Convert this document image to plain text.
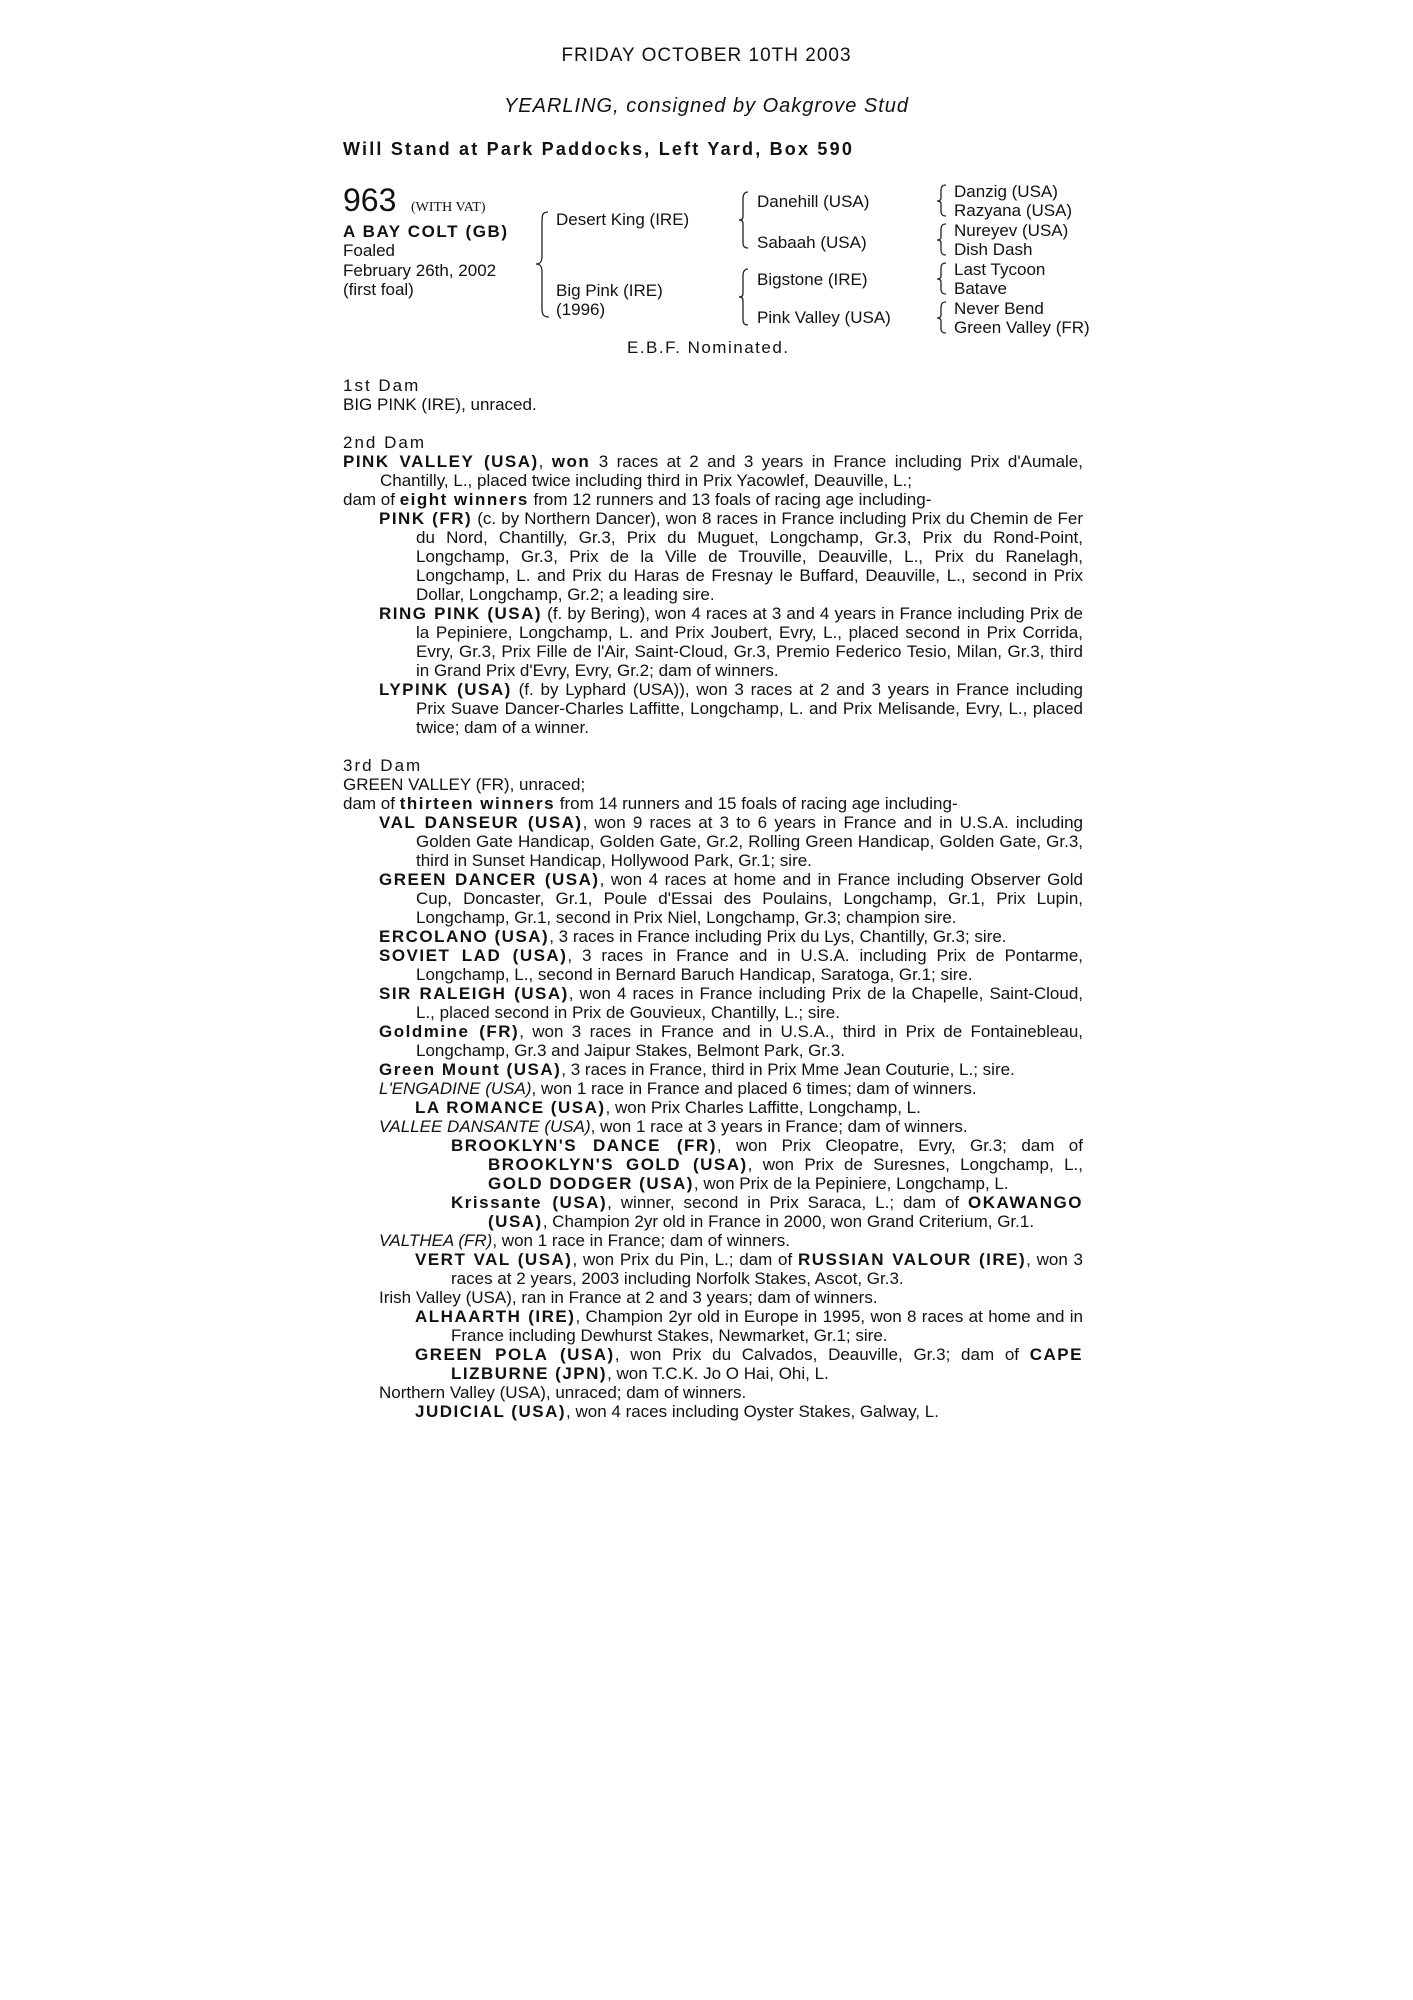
FRIDAY OCTOBER 10TH 2003
YEARLING, consigned by Oakgrove Stud
Will Stand at Park Paddocks, Left Yard, Box 590
963 (WITH VAT)
A BAY COLT (GB)
Foaled
February 26th, 2002
(first foal)
Desert King (IRE)
Big Pink (IRE)
(1996)
Danehill (USA)
Sabaah (USA)
Bigstone (IRE)
Pink Valley (USA)
Danzig (USA)
Razyana (USA)
Nureyev (USA)
Dish Dash
Last Tycoon
Batave
Never Bend
Green Valley (FR)
E.B.F. Nominated.
1st Dam

BIG PINK (IRE), unraced.

2nd Dam

PINK VALLEY (USA), won 3 races at 2 and 3 years in France including Prix d'Aumale, Chantilly, L., placed twice including third in Prix Yacowlef, Deauville, L.;

dam of eight winners from 12 runners and 13 foals of racing age including-

PINK (FR) (c. by Northern Dancer), won 8 races in France including Prix du Chemin de Fer du Nord, Chantilly, Gr.3, Prix du Muguet, Longchamp, Gr.3, Prix du Rond-Point, Longchamp, Gr.3, Prix de la Ville de Trouville, Deauville, L., Prix du Ranelagh, Longchamp, L. and Prix du Haras de Fresnay le Buffard, Deauville, L., second in Prix Dollar, Longchamp, Gr.2; a leading sire.

RING PINK (USA) (f. by Bering), won 4 races at 3 and 4 years in France including Prix de la Pepiniere, Longchamp, L. and Prix Joubert, Evry, L., placed second in Prix Corrida, Evry, Gr.3, Prix Fille de l'Air, Saint-Cloud, Gr.3, Premio Federico Tesio, Milan, Gr.3, third in Grand Prix d'Evry, Evry, Gr.2; dam of winners.

LYPINK (USA) (f. by Lyphard (USA)), won 3 races at 2 and 3 years in France including Prix Suave Dancer-Charles Laffitte, Longchamp, L. and Prix Melisande, Evry, L., placed twice; dam of a winner.

3rd Dam

GREEN VALLEY (FR), unraced;

dam of thirteen winners from 14 runners and 15 foals of racing age including-

VAL DANSEUR (USA), won 9 races at 3 to 6 years in France and in U.S.A. including Golden Gate Handicap, Golden Gate, Gr.2, Rolling Green Handicap, Golden Gate, Gr.3, third in Sunset Handicap, Hollywood Park, Gr.1; sire.

GREEN DANCER (USA), won 4 races at home and in France including Observer Gold Cup, Doncaster, Gr.1, Poule d'Essai des Poulains, Longchamp, Gr.1, Prix Lupin, Longchamp, Gr.1, second in Prix Niel, Longchamp, Gr.3; champion sire.

ERCOLANO (USA), 3 races in France including Prix du Lys, Chantilly, Gr.3; sire.

SOVIET LAD (USA), 3 races in France and in U.S.A. including Prix de Pontarme, Longchamp, L., second in Bernard Baruch Handicap, Saratoga, Gr.1; sire.

SIR RALEIGH (USA), won 4 races in France including Prix de la Chapelle, Saint-Cloud, L., placed second in Prix de Gouvieux, Chantilly, L.; sire.

Goldmine (FR), won 3 races in France and in U.S.A., third in Prix de Fontainebleau, Longchamp, Gr.3 and Jaipur Stakes, Belmont Park, Gr.3.

Green Mount (USA), 3 races in France, third in Prix Mme Jean Couturie, L.; sire.

L'ENGADINE (USA), won 1 race in France and placed 6 times; dam of winners.

LA ROMANCE (USA), won Prix Charles Laffitte, Longchamp, L.

VALLEE DANSANTE (USA), won 1 race at 3 years in France; dam of winners.

BROOKLYN'S DANCE (FR), won Prix Cleopatre, Evry, Gr.3; dam of BROOKLYN'S GOLD (USA), won Prix de Suresnes, Longchamp, L., GOLD DODGER (USA), won Prix de la Pepiniere, Longchamp, L.

Krissante (USA), winner, second in Prix Saraca, L.; dam of OKAWANGO (USA), Champion 2yr old in France in 2000, won Grand Criterium, Gr.1.

VALTHEA (FR), won 1 race in France; dam of winners.

VERT VAL (USA), won Prix du Pin, L.; dam of RUSSIAN VALOUR (IRE), won 3 races at 2 years, 2003 including Norfolk Stakes, Ascot, Gr.3.

Irish Valley (USA), ran in France at 2 and 3 years; dam of winners.

ALHAARTH (IRE), Champion 2yr old in Europe in 1995, won 8 races at home and in France including Dewhurst Stakes, Newmarket, Gr.1; sire.

GREEN POLA (USA), won Prix du Calvados, Deauville, Gr.3; dam of CAPE LIZBURNE (JPN), won T.C.K. Jo O Hai, Ohi, L.

Northern Valley (USA), unraced; dam of winners.

JUDICIAL (USA), won 4 races including Oyster Stakes, Galway, L.
